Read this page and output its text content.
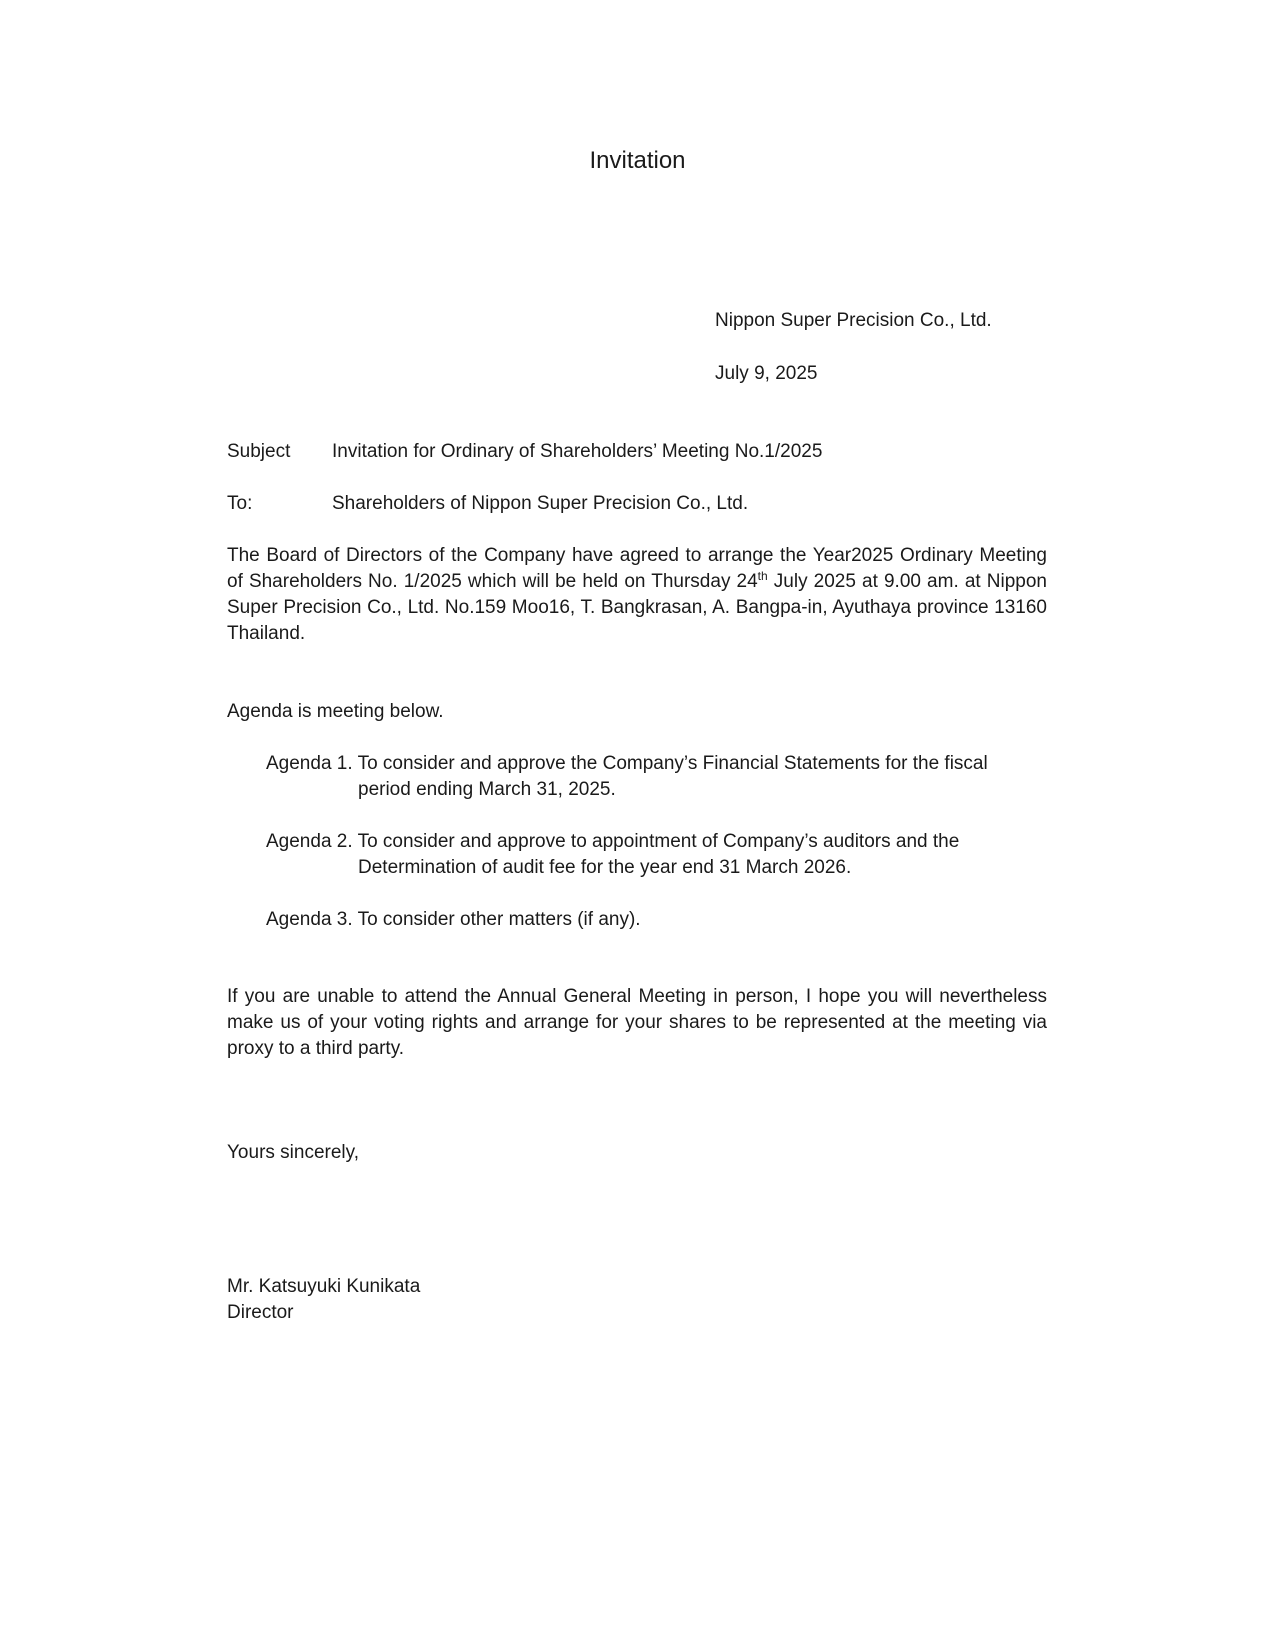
Invitation
Nippon Super Precision Co., Ltd.
July 9, 2025
Subject Invitation for Ordinary of Shareholders’ Meeting No.1/2025
To:	Shareholders of Nippon Super Precision Co., Ltd.
The Board of Directors of the Company have agreed to arrange the Year2025 Ordinary Meeting of Shareholders No. 1/2025 which will be held on Thursday 24th July 2025 at 9.00 am. at Nippon Super Precision Co., Ltd. No.159 Moo16, T. Bangkrasan, A. Bangpa-in, Ayuthaya province 13160 Thailand.
Agenda is meeting below.
Agenda 1. To consider and approve the Company’s Financial Statements for the fiscal
period ending March 31, 2025.
Agenda 2. To consider and approve to appointment of Company’s auditors and the
Determination of audit fee for the year end 31 March 2026.
Agenda 3. To consider other matters (if any).
If you are unable to attend the Annual General Meeting in person, I hope you will nevertheless make us of your voting rights and arrange for your shares to be represented at the meeting via proxy to a third party.
Yours sincerely,
Mr. Katsuyuki Kunikata
Director
